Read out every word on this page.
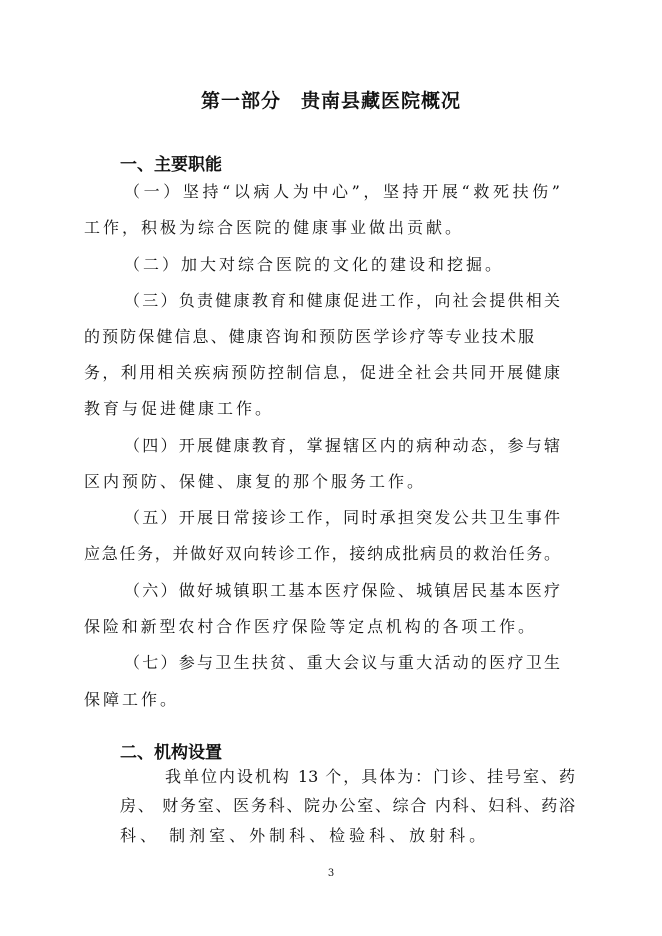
第一部分　贵南县藏医院概况
一、主要职能
（一）坚持“以病人为中心”，坚持开展“救死扶伤”
工作，积极为综合医院的健康事业做出贡献。
（二）加大对综合医院的文化的建设和挖掘。
（三）负责健康教育和健康促进工作，向社会提供相关
的预防保健信息、健康咨询和预防医学诊疗等专业技术服
务，利用相关疾病预防控制信息，促进全社会共同开展健康
教育与促进健康工作。
（四）开展健康教育，掌握辖区内的病种动态，参与辖
区内预防、保健、康复的那个服务工作。
（五）开展日常接诊工作，同时承担突发公共卫生事件
应急任务，并做好双向转诊工作，接纳成批病员的救治任务。
（六）做好城镇职工基本医疗保险、城镇居民基本医疗
保险和新型农村合作医疗保险等定点机构的各项工作。
（七）参与卫生扶贫、重大会议与重大活动的医疗卫生
保障工作。
二、机构设置
我单位内设机构 13 个，具体为：门诊、挂号室、药
房、 财务室、医务科、院办公室、综合 内科、妇科、药浴
科、 制剂室、外制科、检验科、放射科。
3
